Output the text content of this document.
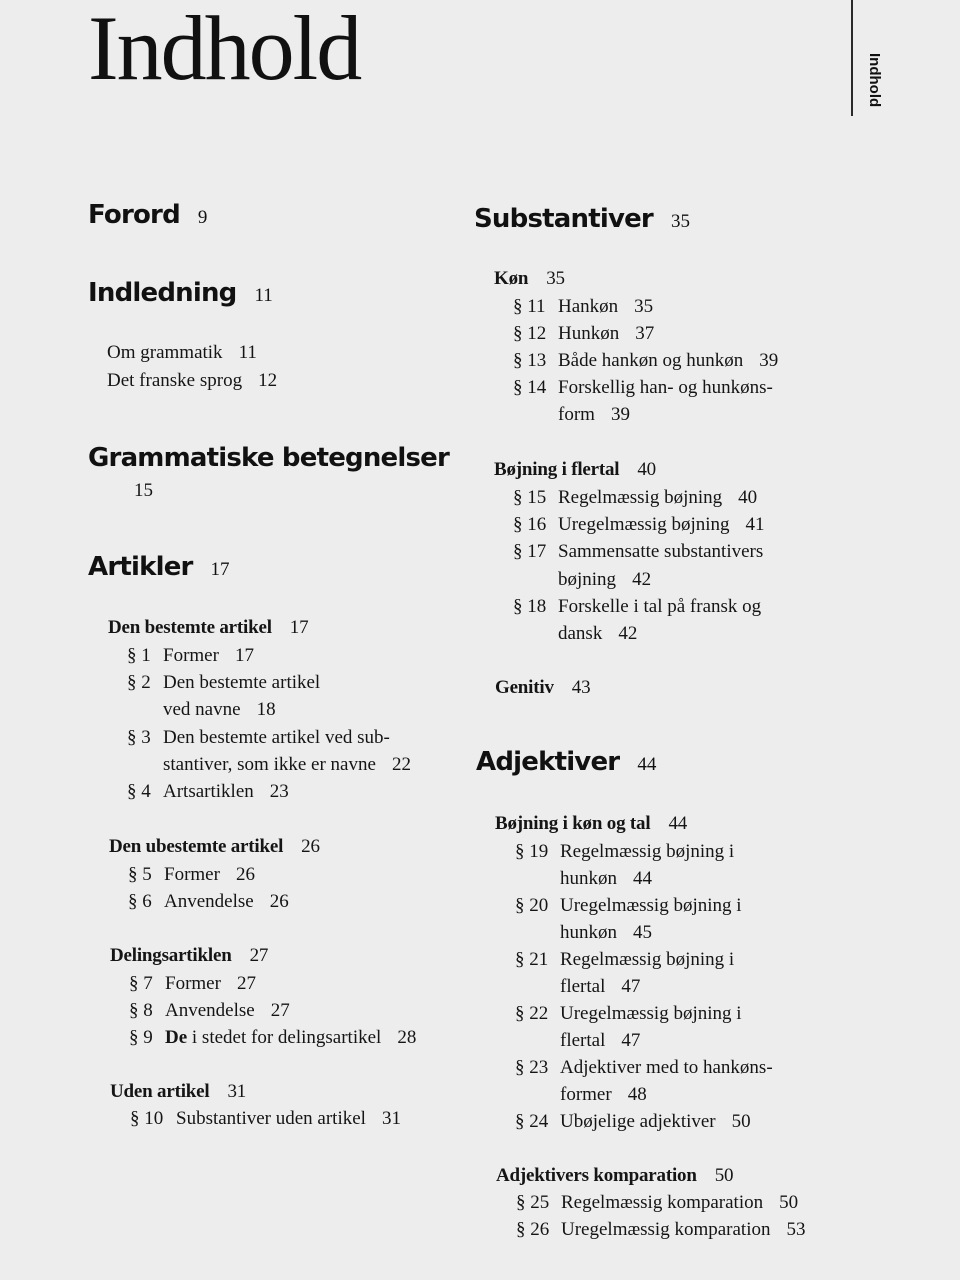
Indhold	Indhold
Forord 9
Indledning 11
Om grammatik 11
Det franske sprog 12
Grammatiske betegnelser
15
Artikler 17
Den bestemte artikel 17
§ 1 Former 17
§ 2 Den bestemte artikel
ved navne 18
§ 3 Den bestemte artikel ved sub-
stantiver, som ikke er navne 22
§ 4 Artsartiklen 23
Den ubestemte artikel 26
§ 5 Former 26
§ 6 Anvendelse 26
Delingsartiklen 27
§ 7 Former 27
§ 8 Anvendelse 27
§ 9 De i stedet for delingsartikel 28
Uden artikel 31
§ 10 Substantiver uden artikel 31
Substantiver 35
Køn 35
§ 11 Hankøn 35
§ 12 Hunkøn 37
§ 13 Både hankøn og hunkøn 39
§ 14 Forskellig han- og hunkøns-
form 39
Bøjning i flertal 40
§ 15 Regelmæssig bøjning 40
§ 16 Uregelmæssig bøjning 41
§ 17 Sammensatte substantivers
bøjning 42
§ 18 Forskelle i tal på fransk og
dansk 42
Genitiv 43
Adjektiver 44
Bøjning i køn og tal 44
§ 19 Regelmæssig bøjning i
hunkøn 44
§ 20 Uregelmæssig bøjning i
hunkøn 45
§ 21 Regelmæssig bøjning i
flertal 47
§ 22 Uregelmæssig bøjning i
flertal 47
§ 23 Adjektiver med to hankøns-
former 48
§ 24 Ubøjelige adjektiver 50
Adjektivers komparation 50
§ 25 Regelmæssig komparation 50
§ 26 Uregelmæssig komparation 53
